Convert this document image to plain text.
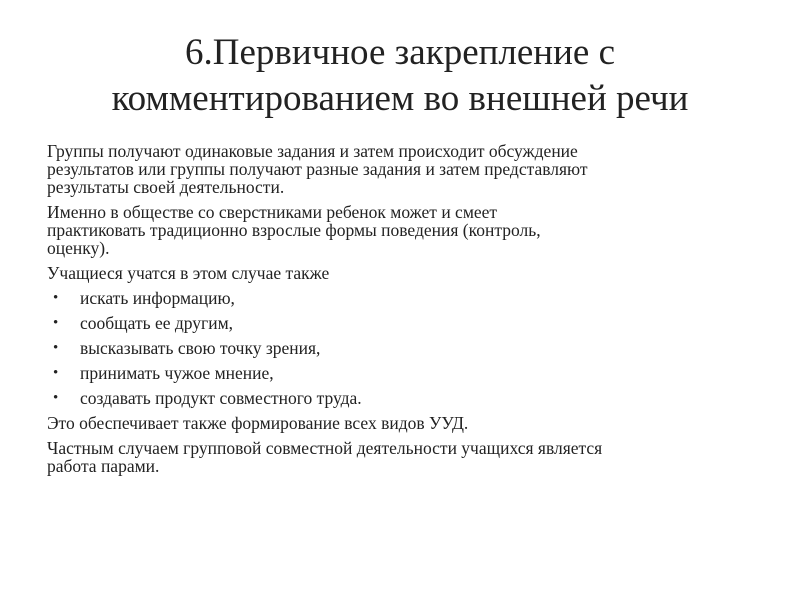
6.Первичное закрепление с
комментированием во внешней речи
Группы получают одинаковые задания и затем происходит обсуждение
результатов или группы получают разные задания и затем представляют
результаты своей деятельности.
Именно в обществе со сверстниками ребенок может и смеет
практиковать традиционно взрослые формы поведения (контроль,
оценку).
Учащиеся учатся в этом случае также
• искать информацию,
• сообщать ее другим,
• высказывать свою точку зрения,
• принимать чужое мнение,
• создавать продукт совместного труда.
Это обеспечивает также формирование всех видов УУД.
Частным случаем групповой совместной деятельности учащихся является
работа парами.
